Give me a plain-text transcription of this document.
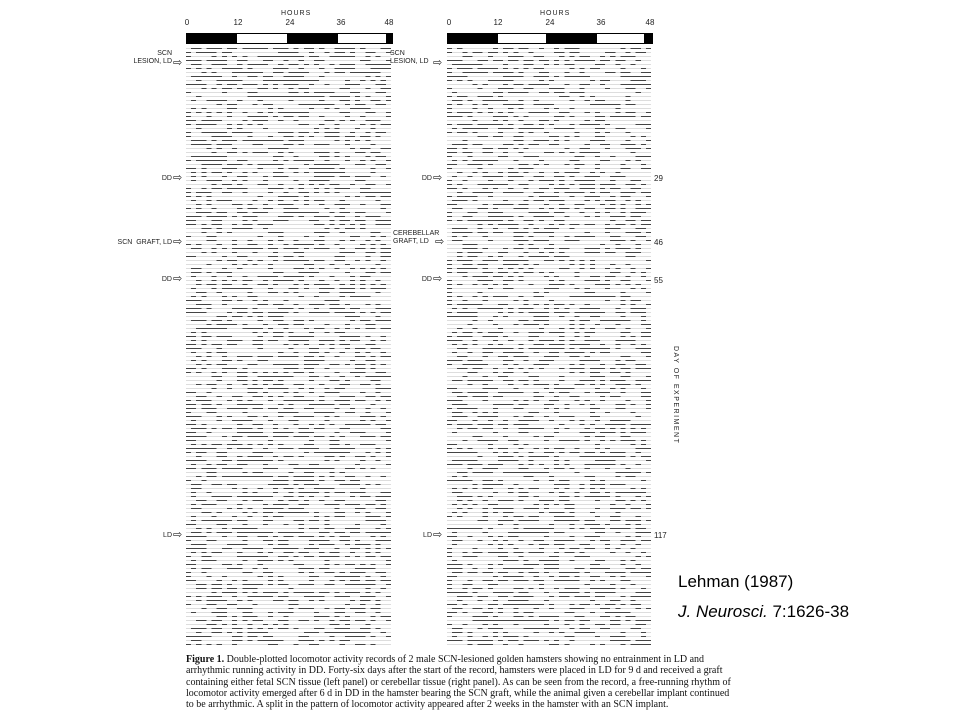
HOURS
0	12	24	36	48
HOURS
0	12	24	36	48
SCN
LESION, LD ⇨
DD ⇨
SCN  GRAFT, LD ⇨
DD ⇨
LD ⇨
SCN
LESION, LD ⇨
DD ⇨
CEREBELLAR
GRAFT, LD ⇨
DD ⇨
LD ⇨
29
46
55
117
DAY OF EXPERIMENT
Lehman (1987)
J. Neurosci. 7:1626-38
Figure 1. Double-plotted locomotor activity records of 2 male SCN-lesioned golden hamsters showing no entrainment in LD and arrhythmic running activity in DD. Forty-six days after the start of the record, hamsters were placed in LD for 9 d and received a graft containing either fetal SCN tissue (left panel) or cerebellar tissue (right panel). As can be seen from the record, a free-running rhythm of locomotor activity emerged after 6 d in DD in the hamster bearing the SCN graft, while the animal given a cerebellar implant continued to be arrhythmic. A split in the pattern of locomotor activity appeared after 2 weeks in the hamster with an SCN implant.
